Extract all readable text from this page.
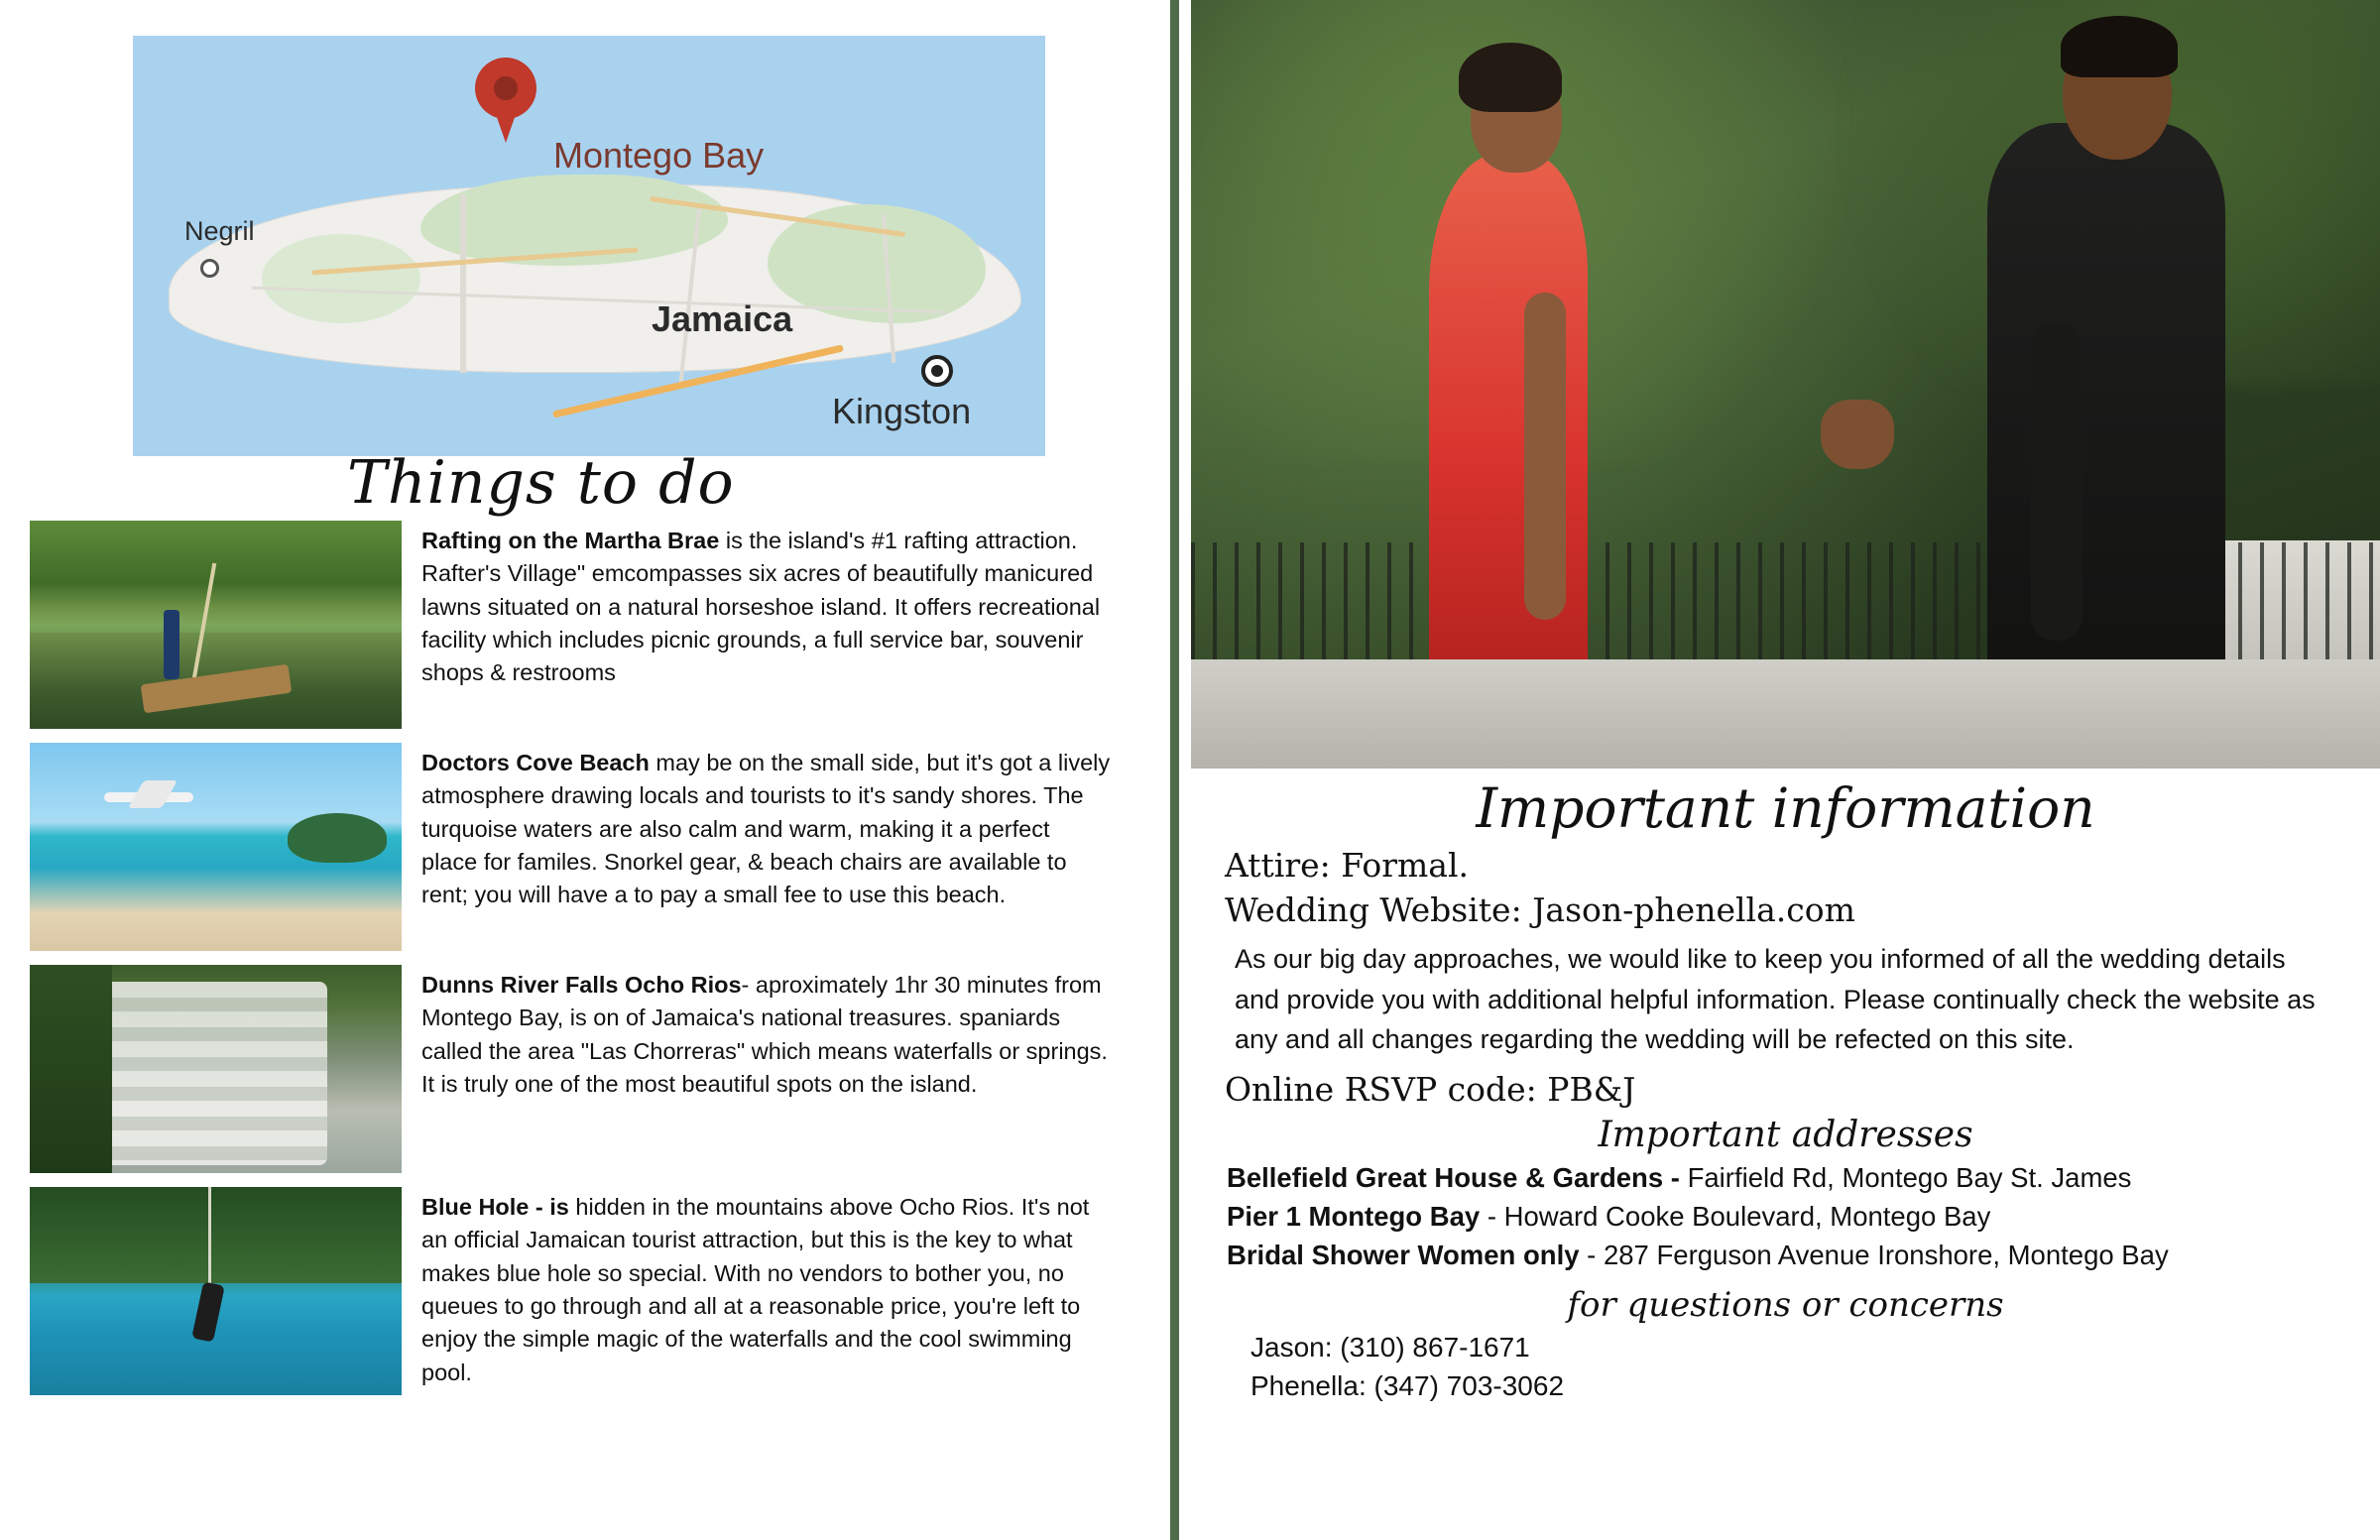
Montego Bay
Jamaica
Kingston
Negril
Things to do
Rafting on the Martha Brae is the island's #1 rafting attraction. Rafter's Village" emcompasses six acres of beautifully manicured lawns situated on a natural horseshoe island. It offers recreational facility which includes picnic grounds, a full service bar, souvenir shops & restrooms
Doctors Cove Beach may be on the small side, but it's got a lively atmosphere drawing locals and tourists to it's sandy shores. The turquoise waters are also calm and warm, making it a perfect place for familes. Snorkel gear, & beach chairs are available to rent; you will have a to pay a small fee to use this beach.
Dunns River Falls Ocho Rios- aproximately 1hr 30 minutes from Montego Bay, is on of Jamaica's national treasures. spaniards called the area "Las Chorreras" which means waterfalls or springs. It is truly one of the most beautiful spots on the island.
Blue Hole - is hidden in the mountains above Ocho Rios. It's not an official Jamaican tourist attraction, but this is the key to what makes blue hole so special. With no vendors to bother you, no queues to go through and all at a reasonable price, you're left to enjoy the simple magic of the waterfalls and the cool swimming pool.
Important information
Attire: Formal.
Wedding Website: Jason-phenella.com
As our big day approaches, we would like to keep you informed of all the wedding details and provide you with additional helpful information. Please continually check the website as any and all changes regarding the wedding will be refected on this site.
Online RSVP code: PB&J
Important addresses
Bellefield Great House & Gardens - Fairfield Rd, Montego Bay St. James
Pier 1 Montego Bay - Howard Cooke Boulevard, Montego Bay
Bridal Shower Women only - 287 Ferguson Avenue Ironshore, Montego Bay
for questions or concerns
Jason: (310) 867-1671
Phenella: (347) 703-3062
